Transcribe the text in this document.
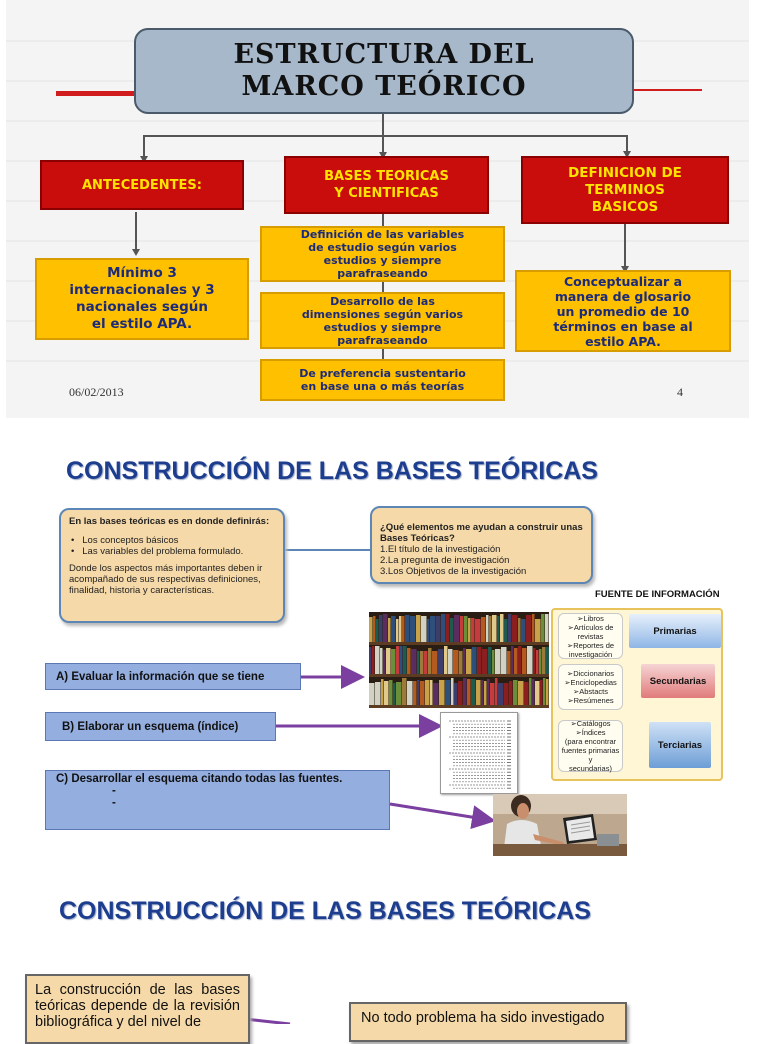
ESTRUCTURA DEL
MARCO TEÓRICO
ANTECEDENTES:
BASES TEORICAS
Y CIENTIFICAS
DEFINICION DE
TERMINOS
BASICOS
Mínimo 3
internacionales y 3
nacionales según
el estilo APA.
Definición de las variables
de estudio según varios
estudios y siempre
parafraseando
Desarrollo de las
dimensiones según varios
estudios y siempre
parafraseando
De preferencia sustentario
en base una o más teorías
Conceptualizar a
manera de glosario
un promedio de 10
términos en base al
estilo APA.
06/02/2013	4
CONSTRUCCIÓN DE LAS BASES TEÓRICAS
En las bases teóricas es en donde definirás:
•   Los conceptos básicos
•   Las variables del problema formulado.
Donde los aspectos más importantes deben ir acompañado de sus respectivas definiciones, finalidad, historia y características.
¿Qué elementos me ayudan a construir unas Bases Teóricas?
1.El título de la investigación
2.La pregunta de investigación
3.Los Objetivos de la investigación
FUENTE DE INFORMACIÓN
➢Libros
➢Artículos de
revistas
➢Reportes de
investigación
Primarias
➢Diccionarios
➢Enciclopedias
➢Abstacts
➢Resúmenes
Secundarias
➢Catálogos
➢Índices
(para encontrar
fuentes primarias y
secundarias)
Terciarias
A) Evaluar la información que se tiene
B) Elaborar un esquema (índice)
C) Desarrollar el esquema citando todas las fuentes.
-
-
CONSTRUCCIÓN DE LAS BASES TEÓRICAS
La construcción de las bases teóricas depende de la revisión bibliográfica y del nivel de	No todo problema ha sido investigado
